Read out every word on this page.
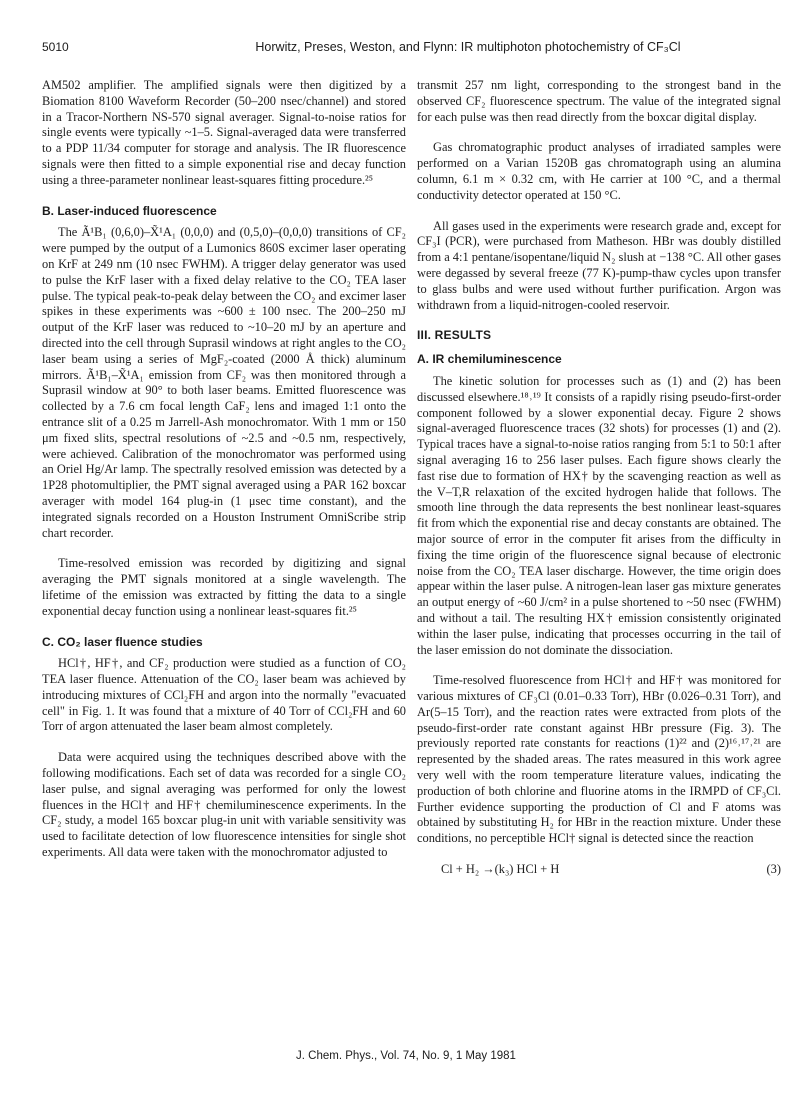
5010	Horwitz, Preses, Weston, and Flynn: IR multiphoton photochemistry of CF₃Cl

AM502 amplifier. The amplified signals were then digitized by a Biomation 8100 Waveform Recorder (50–200 nsec/channel) and stored in a Tracor-Northern NS-570 signal averager. Signal-to-noise ratios for single events were typically ~1–5. Signal-averaged data were transferred to a PDP 11/34 computer for storage and analysis. The IR fluorescence signals were then fitted to a simple exponential rise and decay function using a three-parameter nonlinear least-squares fitting procedure.²⁵

B. Laser-induced fluorescence

The Ã¹B₁ (0,6,0)–X̃¹A₁ (0,0,0) and (0,5,0)–(0,0,0) transitions of CF₂ were pumped by the output of a Lumonics 860S excimer laser operating on KrF at 249 nm (10 nsec FWHM). A trigger delay generator was used to pulse the KrF laser with a fixed delay relative to the CO₂ TEA laser pulse. The typical peak-to-peak delay between the CO₂ and excimer laser spikes in these experiments was ~600 ± 100 nsec. The 200–250 mJ output of the KrF laser was reduced to ~10–20 mJ by an aperture and directed into the cell through Suprasil windows at right angles to the CO₂ laser beam using a series of MgF₂-coated (2000 Å thick) aluminum mirrors. Ã¹B₁–X̃¹A₁ emission from CF₂ was then monitored through a Suprasil window at 90° to both laser beams. Emitted fluorescence was collected by a 7.6 cm focal length CaF₂ lens and imaged 1:1 onto the entrance slit of a 0.25 m Jarrell-Ash monochromator. With 1 mm or 150 μm fixed slits, spectral resolutions of ~2.5 and ~0.5 nm, respectively, were achieved. Calibration of the monochromator was performed using an Oriel Hg/Ar lamp. The spectrally resolved emission was detected by a 1P28 photomultiplier, the PMT signal averaged using a PAR 162 boxcar averager with model 164 plug-in (1 μsec time constant), and the integrated signals recorded on a Houston Instrument OmniScribe strip chart recorder.

Time-resolved emission was recorded by digitizing and signal averaging the PMT signals monitored at a single wavelength. The lifetime of the emission was extracted by fitting the data to a single exponential decay function using a nonlinear least-squares fit.²⁵

C. CO₂ laser fluence studies

HCl†, HF†, and CF₂ production were studied as a function of CO₂ TEA laser fluence. Attenuation of the CO₂ laser beam was achieved by introducing mixtures of CCl₂FH and argon into the normally "evacuated cell" in Fig. 1. It was found that a mixture of 40 Torr of CCl₂FH and 60 Torr of argon attenuated the laser beam almost completely.

Data were acquired using the techniques described above with the following modifications. Each set of data was recorded for a single CO₂ laser pulse, and signal averaging was performed for only the lowest fluences in the HCl† and HF† chemiluminescence experiments. In the CF₂ study, a model 165 boxcar plug-in unit with variable sensitivity was used to facilitate detection of low fluorescence intensities for single shot experiments. All data were taken with the monochromator adjusted to

transmit 257 nm light, corresponding to the strongest band in the observed CF₂ fluorescence spectrum. The value of the integrated signal for each pulse was then read directly from the boxcar digital display.

Gas chromatographic product analyses of irradiated samples were performed on a Varian 1520B gas chromatograph using an alumina column, 6.1 m × 0.32 cm, with He carrier at 100 °C, and a thermal conductivity detector operated at 150 °C.

All gases used in the experiments were research grade and, except for CF₃I (PCR), were purchased from Matheson. HBr was doubly distilled from a 4:1 pentane/isopentane/liquid N₂ slush at −138 °C. All other gases were degassed by several freeze (77 K)-pump-thaw cycles upon transfer to glass bulbs and were used without further purification. Argon was withdrawn from a liquid-nitrogen-cooled reservoir.

III. RESULTS
A. IR chemiluminescence

The kinetic solution for processes such as (1) and (2) has been discussed elsewhere.¹⁸˒¹⁹ It consists of a rapidly rising pseudo-first-order component followed by a slower exponential decay. Figure 2 shows signal-averaged fluorescence traces (32 shots) for processes (1) and (2). Typical traces have a signal-to-noise ratios ranging from 5:1 to 50:1 after signal averaging 16 to 256 laser pulses. Each figure shows clearly the fast rise due to formation of HX† by the scavenging reaction as well as the V–T,R relaxation of the excited hydrogen halide that follows. The smooth line through the data represents the best nonlinear least-squares fit from which the exponential rise and decay constants are obtained. The major source of error in the computer fit arises from the difficulty in fixing the time origin of the fluorescence signal because of electronic noise from the CO₂ TEA laser discharge. However, the time origin does appear within the laser pulse. A nitrogen-lean laser gas mixture generates an output energy of ~60 J/cm² in a pulse shortened to ~50 nsec (FWHM) and without a tail. The resulting HX† emission consistently originated within the laser pulse, indicating that processes occurring in the tail of the laser emission do not dominate the dissociation.

Time-resolved fluorescence from HCl† and HF† was monitored for various mixtures of CF₃Cl (0.01–0.33 Torr), HBr (0.026–0.31 Torr), and Ar(5–15 Torr), and the reaction rates were extracted from plots of the pseudo-first-order rate constant against HBr pressure (Fig. 3). The previously reported rate constants for reactions (1)²² and (2)¹⁶˒¹⁷˒²¹ are represented by the shaded areas. The rates measured in this work agree very well with the room temperature literature values, indicating the production of both chlorine and fluorine atoms in the IRMPD of CF₃Cl. Further evidence supporting the production of Cl and F atoms was obtained by substituting H₂ for HBr in the reaction mixture. Under these conditions, no perceptible HCl† signal is detected since the reaction

Cl + H₂ →(k₃) HCl + H	(3)
J. Chem. Phys., Vol. 74, No. 9, 1 May 1981
